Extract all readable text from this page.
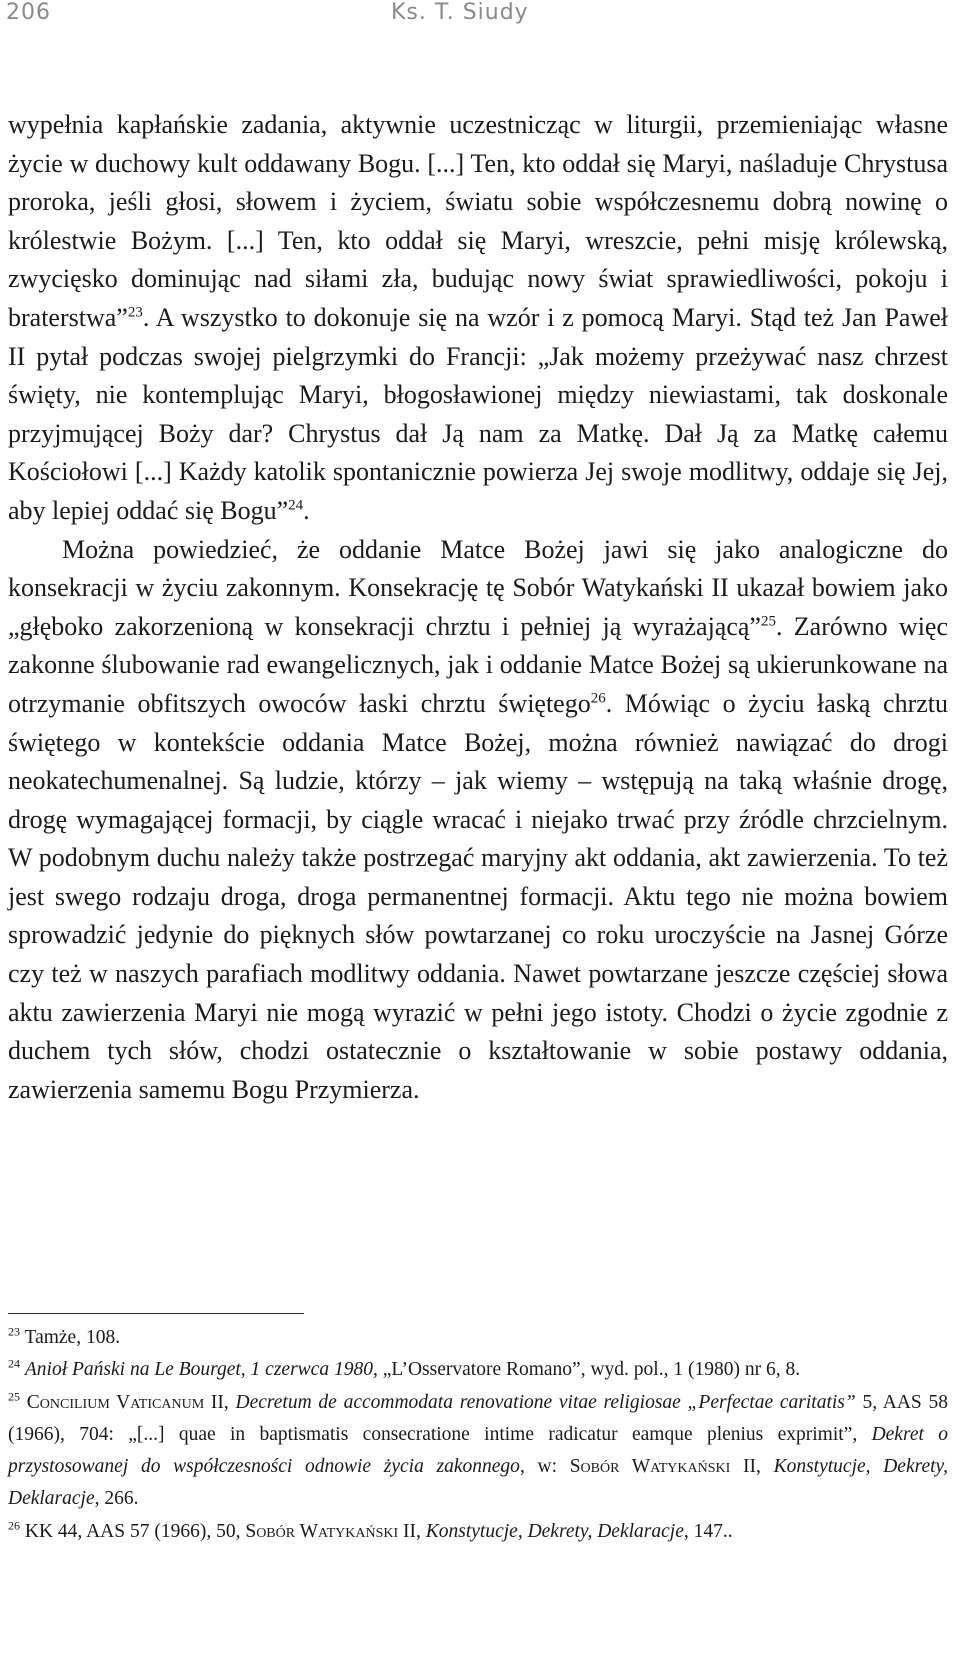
206	Ks. T. Siudy

wypełnia kapłańskie zadania, aktywnie uczestnicząc w liturgii, przemieniając własne życie w duchowy kult oddawany Bogu. [...] Ten, kto oddał się Maryi, naśladuje Chrystusa proroka, jeśli głosi, słowem i życiem, światu sobie współczesnemu dobrą nowinę o królestwie Bożym. [...] Ten, kto oddał się Maryi, wreszcie, pełni misję królewską, zwycięsko dominując nad siłami zła, budując nowy świat sprawiedliwości, pokoju i braterstwa”$^{23}$. A wszystko to dokonuje się na wzór i z pomocą Maryi. Stąd też Jan Paweł II pytał podczas swojej pielgrzymki do Francji: „Jak możemy przeżywać nasz chrzest święty, nie kontemplując Maryi, błogosławionej między niewiastami, tak doskonale przyjmującej Boży dar? Chrystus dał Ją nam za Matkę. Dał Ją za Matkę całemu Kościołowi [...] Każdy katolik spontanicznie powierza Jej swoje modlitwy, oddaje się Jej, aby lepiej oddać się Bogu”$^{24}$.

Można powiedzieć, że oddanie Matce Bożej jawi się jako analogiczne do konsekracji w życiu zakonnym. Konsekrację tę Sobór Watykański II ukazał bowiem jako „głęboko zakorzenioną w konsekracji chrztu i pełniej ją wyrażającą”$^{25}$. Zarówno więc zakonne ślubowanie rad ewangelicznych, jak i oddanie Matce Bożej są ukierunkowane na otrzymanie obfitszych owoców łaski chrztu świętego$^{26}$. Mówiąc o życiu łaską chrztu świętego w kontekście oddania Matce Bożej, można również nawiązać do drogi neokatechumenalnej. Są ludzie, którzy – jak wiemy – wstępują na taką właśnie drogę, drogę wymagającej formacji, by ciągle wracać i niejako trwać przy źródle chrzcielnym. W podobnym duchu należy także postrzegać maryjny akt oddania, akt zawierzenia. To też jest swego rodzaju droga, droga permanentnej formacji. Aktu tego nie można bowiem sprowadzić jedynie do pięknych słów powtarzanej co roku uroczyście na Jasnej Górze czy też w naszych parafiach modlitwy oddania. Nawet powtarzane jeszcze częściej słowa aktu zawierzenia Maryi nie mogą wyrazić w pełni jego istoty. Chodzi o życie zgodnie z duchem tych słów, chodzi ostatecznie o kształtowanie w sobie postawy oddania, zawierzenia samemu Bogu Przymierza.

$^{23}$ Tamże, 108.

$^{24}$ Anioł Pański na Le Bourget, 1 czerwca 1980, „L’Osservatore Romano”, wyd. pol., 1 (1980) nr 6, 8.

$^{25}$ Concilium Vaticanum II, Decretum de accommodata renovatione vitae religiosae „Perfectae caritatis” 5, AAS 58 (1966), 704: „[...] quae in baptismatis consecratione intime radicatur eamque plenius exprimit”, Dekret o przystosowanej do współczesności odnowie życia zakonnego, w: Sobór Watykański II, Konstytucje, Dekrety, Deklaracje, 266.

$^{26}$ KK 44, AAS 57 (1966), 50, Sobór Watykański II, Konstytucje, Dekrety, Deklaracje, 147..
